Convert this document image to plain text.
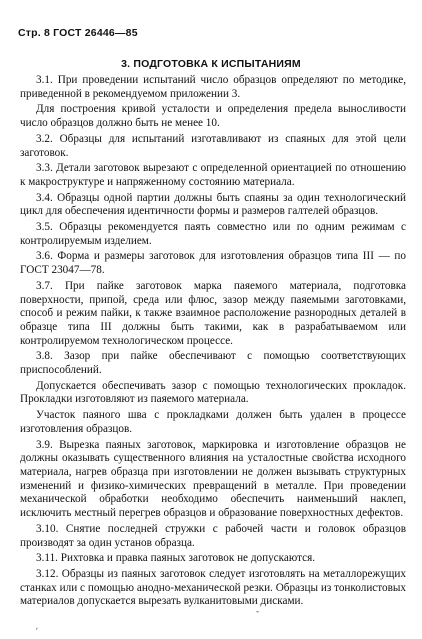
Стр. 8 ГОСТ 26446—85
3. ПОДГОТОВКА К ИСПЫТАНИЯМ

3.1. При проведении испытаний число образцов определяют по методике, приведенной в рекомендуемом приложении 3.

Для построения кривой усталости и определения предела выносливости число образцов должно быть не менее 10.

3.2. Образцы для испытаний изготавливают из спаяных для этой цели заготовок.

3.3. Детали заготовок вырезают с определенной ориентацией по отношению к макроструктуре и напряженному состоянию материала.

3.4. Образцы одной партии должны быть спаяны за один технологический цикл для обеспечения идентичности формы и размеров галтелей образцов.

3.5. Образцы рекомендуется паять совместно или по одним режимам с контролируемым изделием.

3.6. Форма и размеры заготовок для изготовления образцов типа III — по ГОСТ 23047—78.

3.7. При пайке заготовок марка паяемого материала, подготовка поверхности, припой, среда или флюс, зазор между паяемыми заготовками, способ и режим пайки, к также взаимное расположение разнородных деталей в образце типа III должны быть такими, как в разрабатываемом или контролируемом технологическом процессе.

3.8. Зазор при пайке обеспечивают с помощью соответствующих приспособлений.

Допускается обеспечивать зазор с помощью технологических прокладок. Прокладки изготовляют из паяемого материала.

Участок паяного шва с прокладками должен быть удален в процессе изготовления образцов.

3.9. Вырезка паяных заготовок, маркировка и изготовление образцов не должны оказывать существенного влияния на усталостные свойства исходного материала, нагрев образца при изготовлении не должен вызывать структурных изменений и физико-химических превращений в металле. При проведении механической обработки необходимо обеспечить наименьший наклеп, исключить местный перегрев образцов и образование поверхностных дефектов.

3.10. Снятие последней стружки с рабочей части и головок образцов производят за один установ образца.

3.11. Рихтовка и правка паяных заготовок не допускаются.

3.12. Образцы из паяных заготовок следует изготовлять на металлорежущих станках или с помощью анодно-механической резки. Образцы из тонколистовых материалов допускается вырезать вулканитовыми дисками.

ʹ
-
